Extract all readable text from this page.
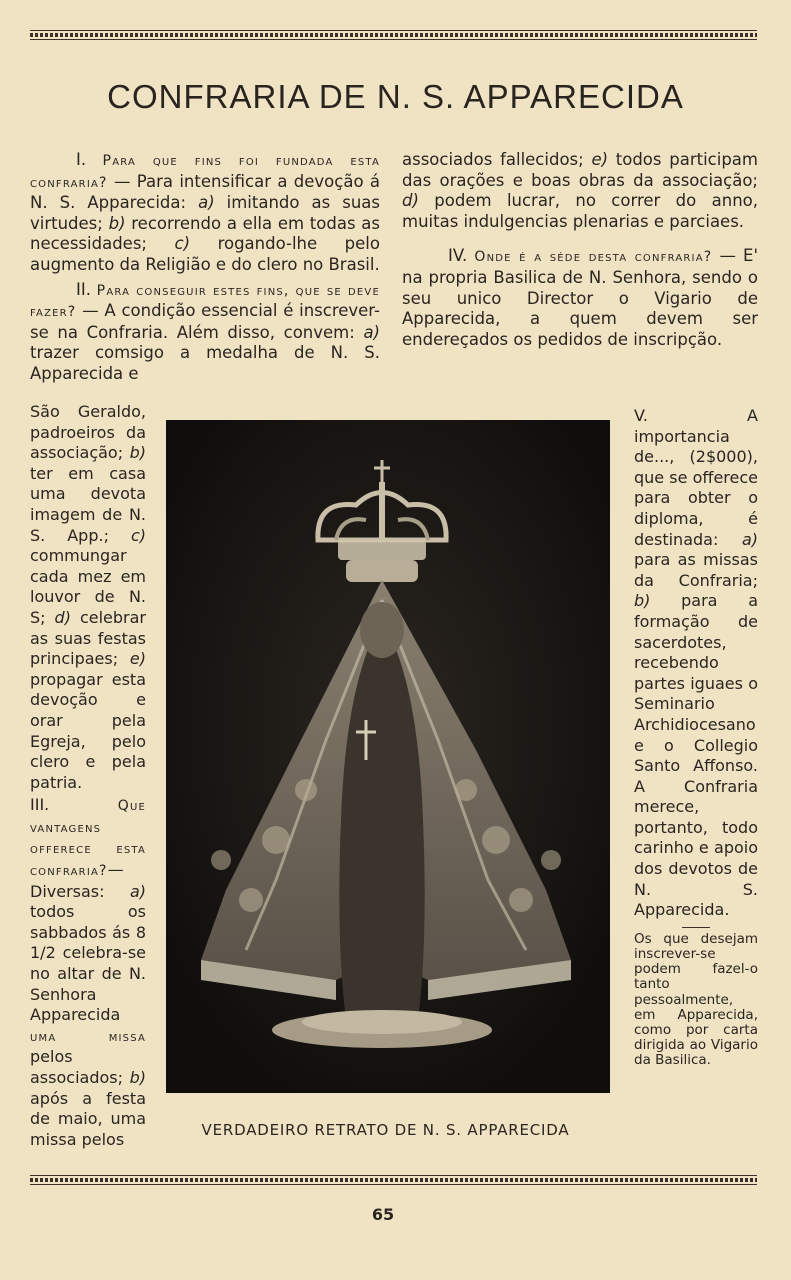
CONFRARIA DE N. S. APPARECIDA

I. Para que fins foi fundada esta confraria? — Para intensificar a devoção á N. S. Apparecida: a) imitando as suas virtudes; b) recorrendo a ella em todas as necessidades; c) rogando-lhe pelo augmento da Religião e do clero no Brasil.

II. Para conseguir estes fins, que se deve fazer? — A condição essencial é inscrever-se na Confraria. Além disso, convem: a) trazer comsigo a medalha de N. S. Apparecida e

São Geraldo, padroeiros da associação; b) ter em casa uma devota imagem de N. S. App.; c) commungar cada mez em louvor de N. S; d) celebrar as suas festas principaes; e) propagar esta devoção e orar pela Egreja, pelo clero e pela patria.

III.	Que vantagens offerece esta confraria?— Diversas: a) todos os sabbados ás 8 1/2 celebra-se no altar de N. Senhora Apparecida uma missa pelos associados; b) após a festa de maio, uma missa pelos

associados fallecidos; e) todos participam das orações e boas obras da associação; d) podem lucrar, no correr do anno, muitas indulgencias plenarias e parciaes.

IV. Onde é a séde desta confraria? — E' na propria Basilica de N. Senhora, sendo o seu unico Director o Vigario de Apparecida, a quem devem ser endereçados os pedidos de inscripção.

V.	A importancia de..., (2$000), que se offerece para obter o diploma, é destinada: a) para as missas da Confraria; b) para a formação de sacerdotes, recebendo partes iguaes o Seminario Archidiocesano e o Collegio Santo Affonso. A Confraria merece, portanto, todo carinho e apoio dos devotos de N. S. Apparecida.

Os que desejam inscrever-se podem fazel-o tanto pessoalmente, em Apparecida, como por carta dirigida ao Vigario da Basilica.

VERDADEIRO RETRATO DE N. S. APPARECIDA
65
